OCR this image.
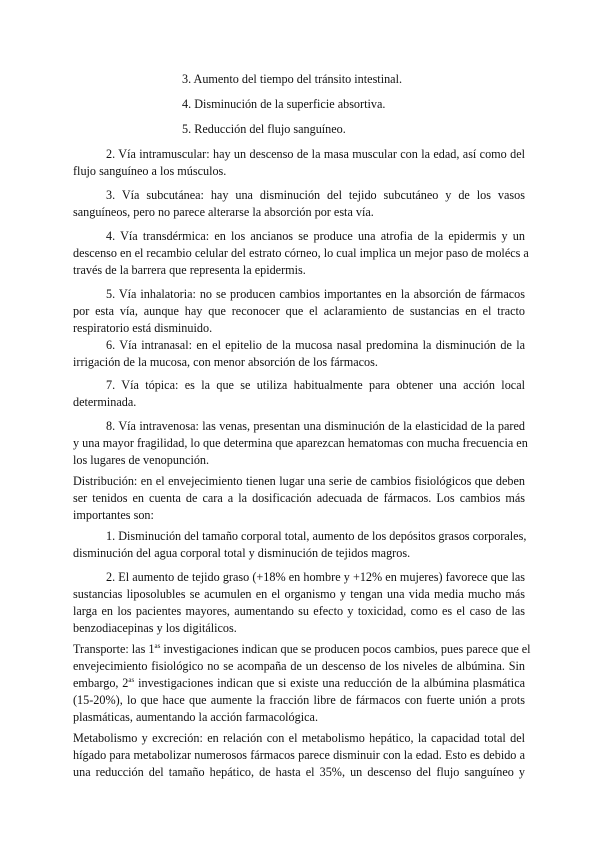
3. Aumento del tiempo del tránsito intestinal.

4. Disminución de la superficie absortiva.

5. Reducción del flujo sanguíneo.

2. Vía intramuscular: hay un descenso de la masa muscular con la edad, así como del
flujo sanguíneo a los músculos.
3. Vía subcutánea: hay una disminución del tejido subcutáneo y de los vasos
sanguíneos, pero no parece alterarse la absorción por esta vía.
4. Vía transdérmica: en los ancianos se produce una atrofia de la epidermis y un
descenso en el recambio celular del estrato córneo, lo cual implica un mejor paso de molécs a
través de la barrera que representa la epidermis.
5. Vía inhalatoria: no se producen cambios importantes en la absorción de fármacos
por esta vía, aunque hay que reconocer que el aclaramiento de sustancias en el tracto
respiratorio está disminuido.
6. Vía intranasal: en el epitelio de la mucosa nasal predomina la disminución de la
irrigación de la mucosa, con menor absorción de los fármacos.
7. Vía tópica: es la que se utiliza habitualmente para obtener una acción local
determinada.
8. Vía intravenosa: las venas, presentan una disminución de la elasticidad de la pared
y una mayor fragilidad, lo que determina que aparezcan hematomas con mucha frecuencia en
los lugares de venopunción.
Distribución: en el envejecimiento tienen lugar una serie de cambios fisiológicos que deben
ser tenidos en cuenta de cara a la dosificación adecuada de fármacos. Los cambios más
importantes son:
1. Disminución del tamaño corporal total, aumento de los depósitos grasos corporales,
disminución del agua corporal total y disminución de tejidos magros.
2. El aumento de tejido graso (+18% en hombre y +12% en mujeres) favorece que las
sustancias liposolubles se acumulen en el organismo y tengan una vida media mucho más
larga en los pacientes mayores, aumentando su efecto y toxicidad, como es el caso de las
benzodiacepinas y los digitálicos.
Transporte: las $1^{as}$ investigaciones indican que se producen pocos cambios, pues parece que el
envejecimiento fisiológico no se acompaña de un descenso de los niveles de albúmina. Sin
embargo, $2^{as}$ investigaciones indican que si existe una reducción de la albúmina plasmática
(15-20%), lo que hace que aumente la fracción libre de fármacos con fuerte unión a prots
plasmáticas, aumentando la acción farmacológica.
Metabolismo y excreción: en relación con el metabolismo hepático, la capacidad total del
hígado para metabolizar numerosos fármacos parece disminuir con la edad. Esto es debido a
una reducción del tamaño hepático, de hasta el 35%, un descenso del flujo sanguíneo y
